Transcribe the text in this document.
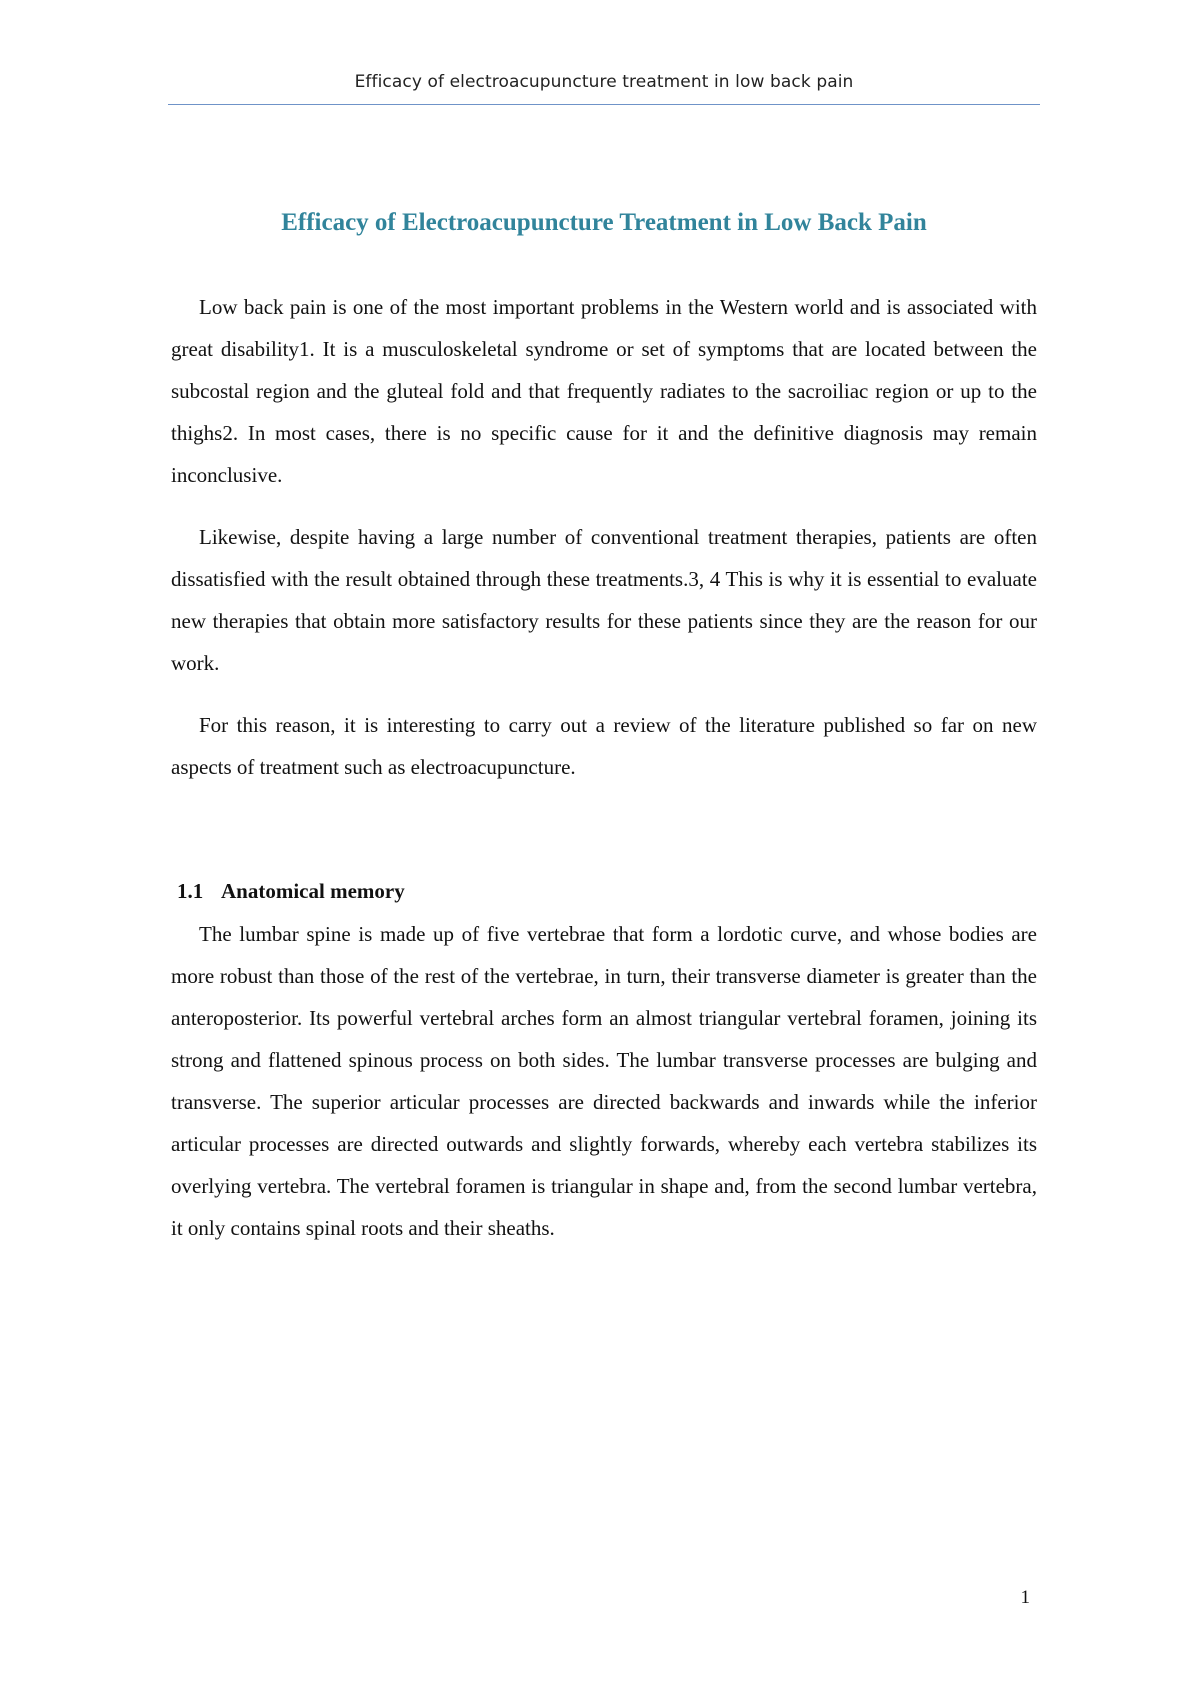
Efficacy of electroacupuncture treatment in low back pain
Efficacy of Electroacupuncture Treatment in Low Back Pain

Low back pain is one of the most important problems in the Western world and is associated with great disability1. It is a musculoskeletal syndrome or set of symptoms that are located between the subcostal region and the gluteal fold and that frequently radiates to the sacroiliac region or up to the thighs2. In most cases, there is no specific cause for it and the definitive diagnosis may remain inconclusive.

Likewise, despite having a large number of conventional treatment therapies, patients are often dissatisfied with the result obtained through these treatments.3, 4 This is why it is essential to evaluate new therapies that obtain more satisfactory results for these patients since they are the reason for our work.

For this reason, it is interesting to carry out a review of the literature published so far on new aspects of treatment such as electroacupuncture.

1.1 Anatomical memory

The lumbar spine is made up of five vertebrae that form a lordotic curve, and whose bodies are more robust than those of the rest of the vertebrae, in turn, their transverse diameter is greater than the anteroposterior. Its powerful vertebral arches form an almost triangular vertebral foramen, joining its strong and flattened spinous process on both sides. The lumbar transverse processes are bulging and transverse. The superior articular processes are directed backwards and inwards while the inferior articular processes are directed outwards and slightly forwards, whereby each vertebra stabilizes its overlying vertebra. The vertebral foramen is triangular in shape and, from the second lumbar vertebra, it only contains spinal roots and their sheaths.

1
